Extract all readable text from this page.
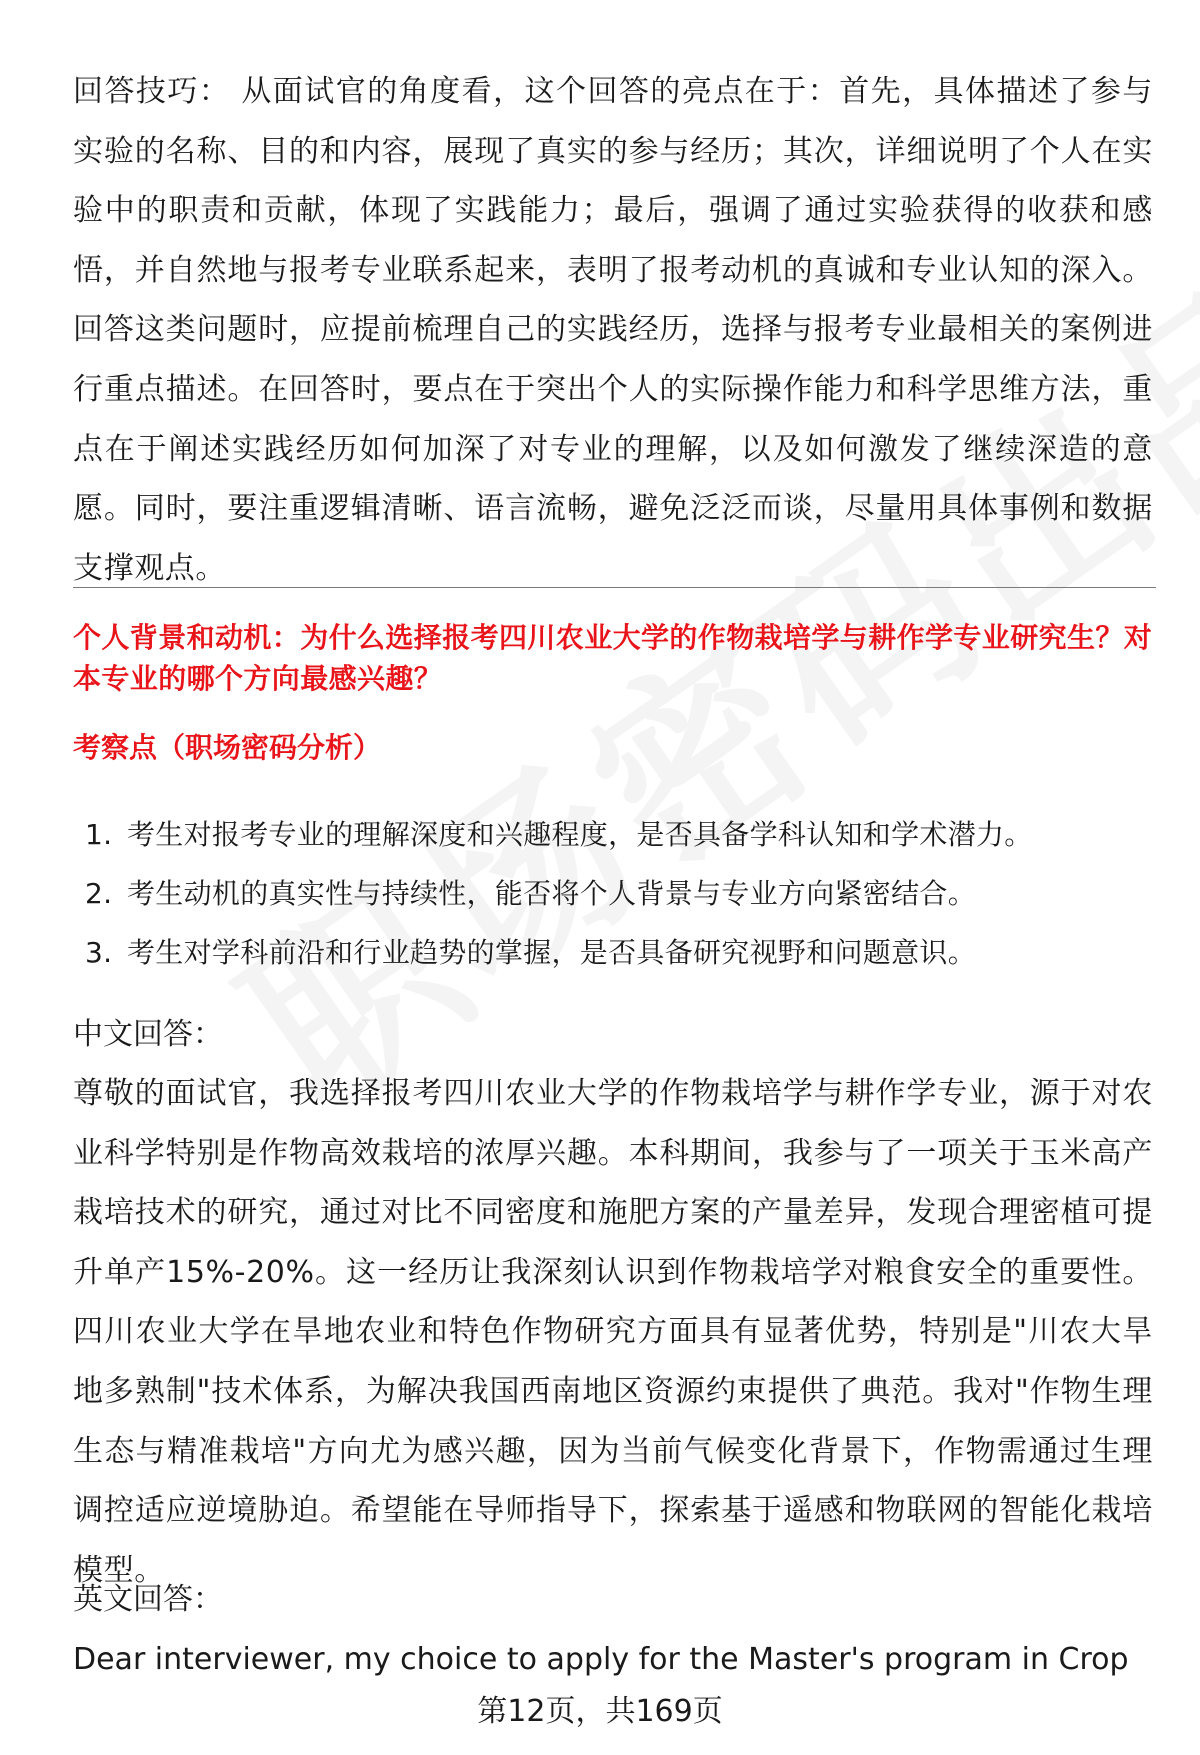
回答技巧： 从面试官的角度看，这个回答的亮点在于：首先，具体描述了参与实验的名称、目的和内容，展现了真实的参与经历；其次，详细说明了个人在实验中的职责和贡献，体现了实践能力；最后，强调了通过实验获得的收获和感悟，并自然地与报考专业联系起来，表明了报考动机的真诚和专业认知的深入。回答这类问题时，应提前梳理自己的实践经历，选择与报考专业最相关的案例进行重点描述。在回答时，要点在于突出个人的实际操作能力和科学思维方法，重点在于阐述实践经历如何加深了对专业的理解，以及如何激发了继续深造的意愿。同时，要注重逻辑清晰、语言流畅，避免泛泛而谈，尽量用具体事例和数据支撑观点。

个人背景和动机：为什么选择报考四川农业大学的作物栽培学与耕作学专业研究生？对本专业的哪个方向最感兴趣？
考察点（职场密码分析）
1. 考生对报考专业的理解深度和兴趣程度，是否具备学科认知和学术潜力。
2. 考生动机的真实性与持续性，能否将个人背景与专业方向紧密结合。
3. 考生对学科前沿和行业趋势的掌握，是否具备研究视野和问题意识。

中文回答：

尊敬的面试官，我选择报考四川农业大学的作物栽培学与耕作学专业，源于对农业科学特别是作物高效栽培的浓厚兴趣。本科期间，我参与了一项关于玉米高产栽培技术的研究，通过对比不同密度和施肥方案的产量差异，发现合理密植可提升单产15%-20%。这一经历让我深刻认识到作物栽培学对粮食安全的重要性。四川农业大学在旱地农业和特色作物研究方面具有显著优势，特别是"川农大旱地多熟制"技术体系，为解决我国西南地区资源约束提供了典范。我对"作物生理生态与精准栽培"方向尤为感兴趣，因为当前气候变化背景下，作物需通过生理调控适应逆境胁迫。希望能在导师指导下，探索基于遥感和物联网的智能化栽培模型。

英文回答：

Dear interviewer, my choice to apply for the Master's program in Crop

第12页，共169页
